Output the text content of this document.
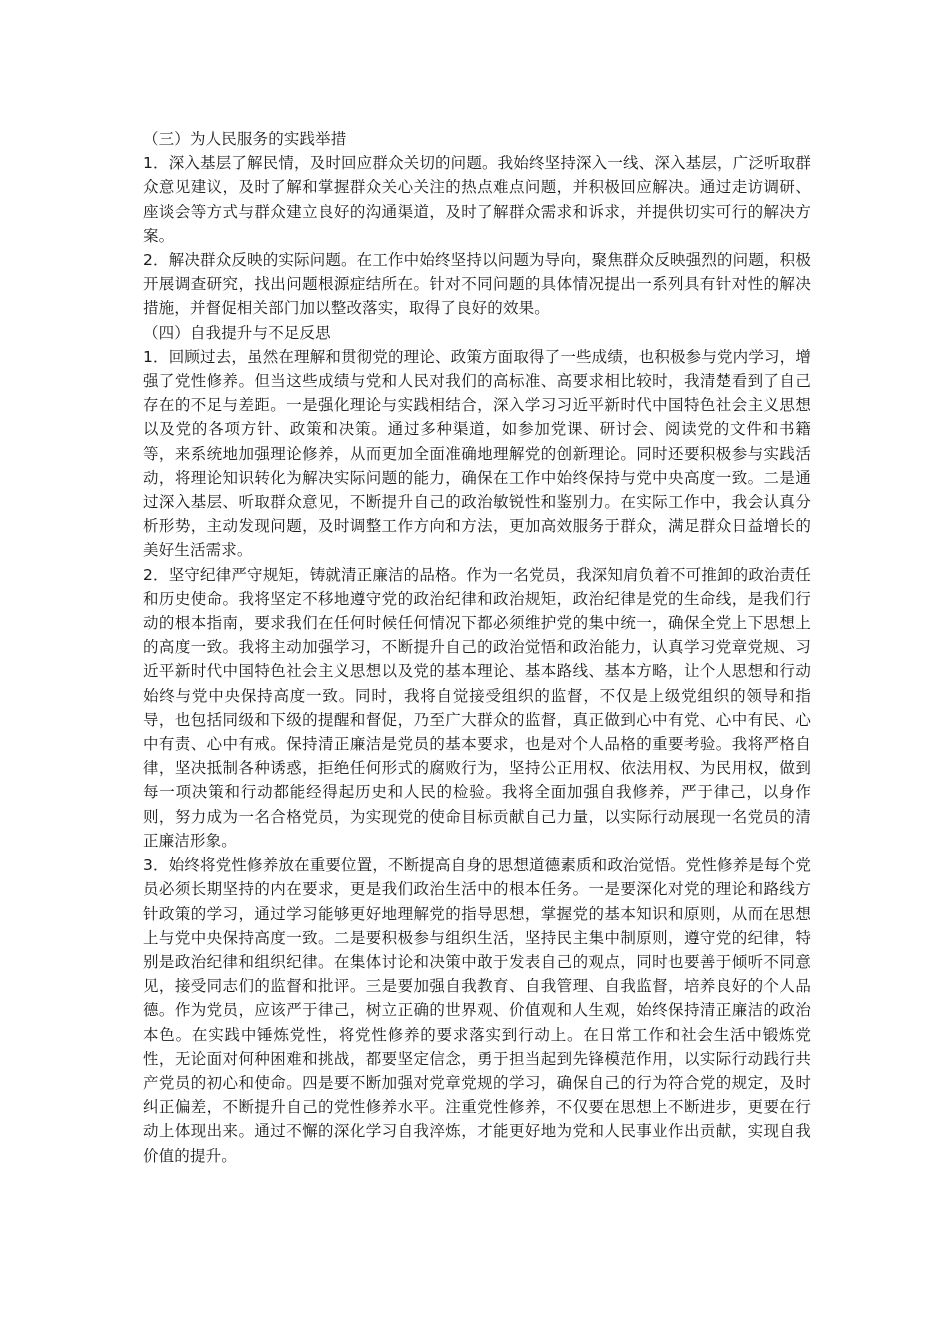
（三）为人民服务的实践举措

1．深入基层了解民情，及时回应群众关切的问题。我始终坚持深入一线、深入基层，广泛听取群众意见建议，及时了解和掌握群众关心关注的热点难点问题，并积极回应解决。通过走访调研、座谈会等方式与群众建立良好的沟通渠道，及时了解群众需求和诉求，并提供切实可行的解决方案。

2．解决群众反映的实际问题。在工作中始终坚持以问题为导向，聚焦群众反映强烈的问题，积极开展调查研究，找出问题根源症结所在。针对不同问题的具体情况提出一系列具有针对性的解决措施，并督促相关部门加以整改落实，取得了良好的效果。

（四）自我提升与不足反思

1．回顾过去，虽然在理解和贯彻党的理论、政策方面取得了一些成绩，也积极参与党内学习，增强了党性修养。但当这些成绩与党和人民对我们的高标准、高要求相比较时，我清楚看到了自己存在的不足与差距。一是强化理论与实践相结合，深入学习习近平新时代中国特色社会主义思想以及党的各项方针、政策和决策。通过多种渠道，如参加党课、研讨会、阅读党的文件和书籍等，来系统地加强理论修养，从而更加全面准确地理解党的创新理论。同时还要积极参与实践活动，将理论知识转化为解决实际问题的能力，确保在工作中始终保持与党中央高度一致。二是通过深入基层、听取群众意见，不断提升自己的政治敏锐性和鉴别力。在实际工作中，我会认真分析形势，主动发现问题，及时调整工作方向和方法，更加高效服务于群众，满足群众日益增长的美好生活需求。

2．坚守纪律严守规矩，铸就清正廉洁的品格。作为一名党员，我深知肩负着不可推卸的政治责任和历史使命。我将坚定不移地遵守党的政治纪律和政治规矩，政治纪律是党的生命线，是我们行动的根本指南，要求我们在任何时候任何情况下都必须维护党的集中统一，确保全党上下思想上的高度一致。我将主动加强学习，不断提升自己的政治觉悟和政治能力，认真学习党章党规、习近平新时代中国特色社会主义思想以及党的基本理论、基本路线、基本方略，让个人思想和行动始终与党中央保持高度一致。同时，我将自觉接受组织的监督，不仅是上级党组织的领导和指导，也包括同级和下级的提醒和督促，乃至广大群众的监督，真正做到心中有党、心中有民、心中有责、心中有戒。保持清正廉洁是党员的基本要求，也是对个人品格的重要考验。我将严格自律，坚决抵制各种诱惑，拒绝任何形式的腐败行为，坚持公正用权、依法用权、为民用权，做到每一项决策和行动都能经得起历史和人民的检验。我将全面加强自我修养，严于律己，以身作则，努力成为一名合格党员，为实现党的使命目标贡献自己力量，以实际行动展现一名党员的清正廉洁形象。

3．始终将党性修养放在重要位置，不断提高自身的思想道德素质和政治觉悟。党性修养是每个党员必须长期坚持的内在要求，更是我们政治生活中的根本任务。一是要深化对党的理论和路线方针政策的学习，通过学习能够更好地理解党的指导思想，掌握党的基本知识和原则，从而在思想上与党中央保持高度一致。二是要积极参与组织生活，坚持民主集中制原则，遵守党的纪律，特别是政治纪律和组织纪律。在集体讨论和决策中敢于发表自己的观点，同时也要善于倾听不同意见，接受同志们的监督和批评。三是要加强自我教育、自我管理、自我监督，培养良好的个人品德。作为党员，应该严于律己，树立正确的世界观、价值观和人生观，始终保持清正廉洁的政治本色。在实践中锤炼党性，将党性修养的要求落实到行动上。在日常工作和社会生活中锻炼党性，无论面对何种困难和挑战，都要坚定信念，勇于担当起到先锋模范作用，以实际行动践行共产党员的初心和使命。四是要不断加强对党章党规的学习，确保自己的行为符合党的规定，及时纠正偏差，不断提升自己的党性修养水平。注重党性修养，不仅要在思想上不断进步，更要在行动上体现出来。通过不懈的深化学习自我淬炼，才能更好地为党和人民事业作出贡献，实现自我价值的提升。
